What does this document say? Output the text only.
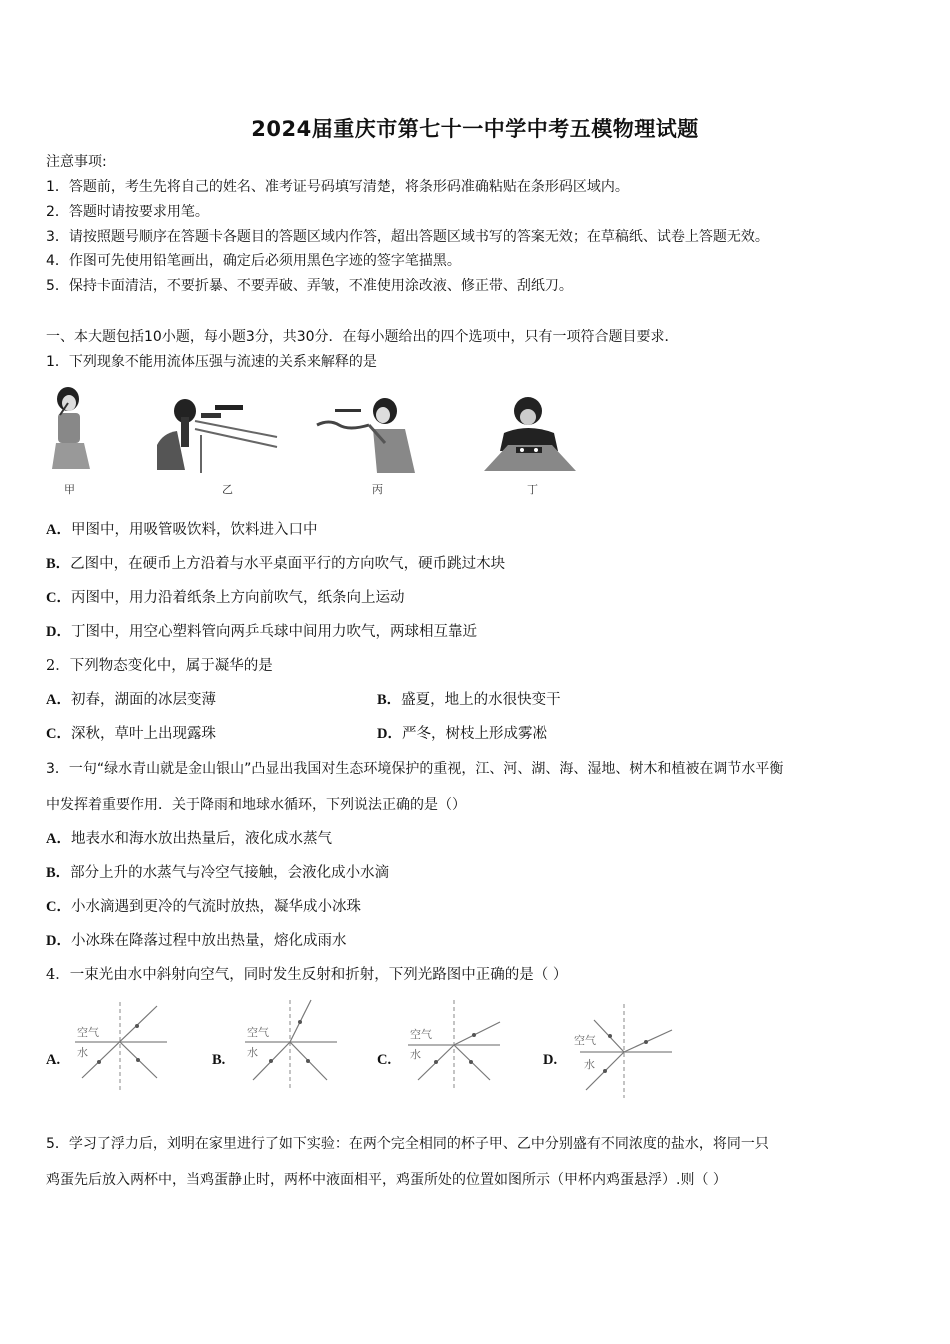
2024届重庆市第七十一中学中考五模物理试题
注意事项:
1．答题前，考生先将自己的姓名、准考证号码填写清楚，将条形码准确粘贴在条形码区域内。
2．答题时请按要求用笔。
3．请按照题号顺序在答题卡各题目的答题区域内作答，超出答题区域书写的答案无效；在草稿纸、试卷上答题无效。
4．作图可先使用铅笔画出，确定后必须用黑色字迹的签字笔描黑。
5．保持卡面清洁，不要折暴、不要弄破、弄皱，不准使用涂改液、修正带、刮纸刀。
一、本大题包括10小题，每小题3分，共30分．在每小题给出的四个选项中，只有一项符合题目要求．
1．下列现象不能用流体压强与流速的关系来解释的是
甲	乙	丙	丁
A．甲图中，用吸管吸饮料，饮料进入口中
B．乙图中，在硬币上方沿着与水平桌面平行的方向吹气，硬币跳过木块
C．丙图中，用力沿着纸条上方向前吹气，纸条向上运动
D．丁图中，用空心塑料管向两乒乓球中间用力吹气，两球相互靠近
2．下列物态变化中，属于凝华的是
A．初春，湖面的冰层变薄	B．盛夏，地上的水很快变干
C．深秋，草叶上出现露珠	D．严冬，树枝上形成雾凇
3．一句“绿水青山就是金山银山”凸显出我国对生态环境保护的重视，江、河、湖、海、湿地、树木和植被在调节水平衡
中发挥着重要作用．关于降雨和地球水循环，下列说法正确的是（）
A．地表水和海水放出热量后，液化成水蒸气
B．部分上升的水蒸气与冷空气接触，会液化成小水滴
C．小水滴遇到更冷的气流时放热，凝华成小冰珠
D．小冰珠在降落过程中放出热量，熔化成雨水
4．一束光由水中斜射向空气，同时发生反射和折射，下列光路图中正确的是（ ）
A.
空气
水	B.
空气
水	C.
空气
水	D.
空气
水
5．学习了浮力后，刘明在家里进行了如下实验：在两个完全相同的杯子甲、乙中分别盛有不同浓度的盐水，将同一只
鸡蛋先后放入两杯中，当鸡蛋静止时，两杯中液面相平，鸡蛋所处的位置如图所示（甲杯内鸡蛋悬浮）.则（ ）
